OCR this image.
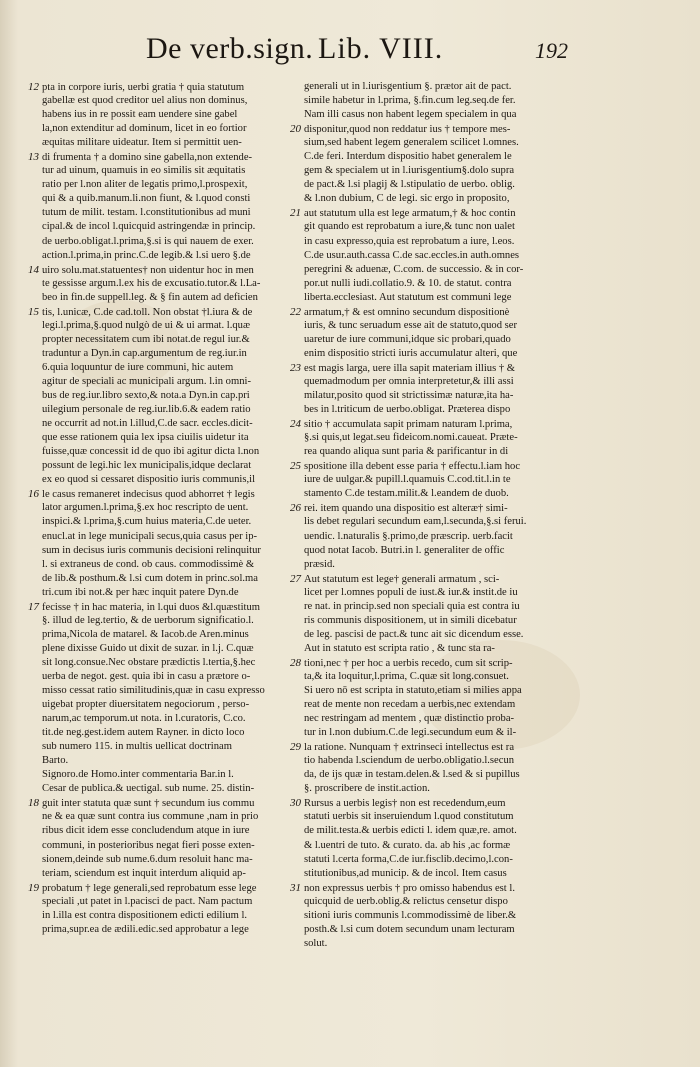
De verb.sign. Lib. VIII.	192
12 pta in corpore iuris, uerbi gratia † quia statutum
gabellæ est quod creditor uel alius non dominus,
habens ius in re possit eam uendere sine gabel
la,non extenditur ad dominum, licet in eo fortior
æquitas militare uideatur. Item si permittit uen-
13 di frumenta † a domino sine gabella,non extende-
tur ad uinum, quamuis in eo similis sit æquitatis
ratio per l.non aliter de legatis primo,l.prospexit,
qui & a quib.manum.li.non fiunt, & l.quod consti
tutum de milit. testam. l.constitutionibus ad muni
cipal.& de incol l.quicquid astringendæ in princip.
de uerbo.obligat.l.prima,§.si is qui nauem de exer.
action.l.prima,in princ.C.de legib.& l.si uero §.de
14 uiro solu.mat.statuentes† non uidentur hoc in men
te gessisse argum.l.ex his de excusatio.tutor.& l.La-
beo in fin.de suppell.leg. & § fin autem ad deficien
15 tis, l.unicæ, C.de cad.toll. Non obstat †l.iura & de
legi.l.prima,§.quod nulgò de ui & ui armat. l.quæ
propter necessitatem cum ibi notat.de regul iur.&
traduntur a Dyn.in cap.argumentum de reg.iur.in
6.quia loquuntur de iure communi, hic autem
agitur de speciali ac municipali argum. l.in omni-
bus de reg.iur.libro sexto,& nota.a Dyn.in cap.pri
uilegium personale de reg.iur.lib.6.& eadem ratio
ne occurrit ad not.in l.illud,C.de sacr. eccles.dicit-
que esse rationem quia lex ipsa ciuilis uidetur ita
fuisse,quæ concessit id de quo ibi agitur dicta l.non
possunt de legi.hic lex municipalis,idque declarat
ex eo quod si cessaret dispositio iuris communis,il
16 le casus remaneret indecisus quod abhorret † legis
lator argumen.l.prima,§.ex hoc rescripto de uent.
inspici.& l.prima,§.cum huius materia,C.de ueter.
enucl.at in lege municipali secus,quia casus per ip-
sum in decisus iuris communis decisioni relinquitur
l. si extraneus de cond. ob caus. commodissimè &
de lib.& posthum.& l.si cum dotem in princ.sol.ma
tri.cum ibi not.& per hæc inquit patere Dyn.de
17 fecisse † in hac materia, in l.qui duos &l.quæstitum
§. illud de leg.tertio, & de uerborum significatio.l.
prima,Nicola de matarel. & Iacob.de Aren.minus
plene dixisse Guido ut dixit de suzar. in l.j. C.quæ
sit long.consue.Nec obstare prædictis l.tertia,§.hec
uerba de negot. gest. quia ibi in casu a prætore o-
misso cessat ratio similitudinis,quæ in casu expresso
uigebat propter diuersitatem negociorum , perso-
narum,ac temporum.ut nota. in l.curatoris, C.co.
tit.de neg.gest.idem autem Rayner. in dicto loco
sub numero 115. in multis uellicat doctrinam
Barto.
Signoro.de Homo.inter commentaria Bar.in l.
Cesar de publica.& uectigal. sub nume. 25. distin-
18 guit inter statuta quæ sunt † secundum ius commu
ne & ea quæ sunt contra ius commune ,nam in prio
ribus dicit idem esse concludendum atque in iure
communi, in posterioribus negat fieri posse exten-
sionem,deinde sub nume.6.dum resoluit hanc ma-
teriam, sciendum est inquit interdum aliquid ap-
19 probatum † lege generali,sed reprobatum esse lege
speciali ,ut patet in l.pacisci de pact. Nam pactum
in l.illa est contra dispositionem edicti edilium l.
prima,supr.ea de ædili.edic.sed approbatur a lege
generali ut in l.iurisgentium §. prætor ait de pact.
simile habetur in l.prima, §.fin.cum leg.seq.de fer.
Nam illi casus non habent legem specialem in qua
20 disponitur,quod non reddatur ius † tempore mes-
sium,sed habent legem generalem scilicet l.omnes.
C.de feri. Interdum dispositio habet generalem le
gem & specialem ut in l.iurisgentium§.dolo supra
de pact.& l.si plagij & l.stipulatio de uerbo. oblig.
& l.non dubium, C de legi. sic ergo in proposito,
21 aut statutum ulla est lege armatum,† & hoc contin
git quando est reprobatum a iure,& tunc non ualet
in casu expresso,quia est reprobatum a iure, l.eos.
C.de usur.auth.cassa C.de sac.eccles.in auth.omnes
peregrini & aduenæ, C.com. de successio. & in cor-
por.ut nulli iudi.collatio.9. & 10. de statut. contra
liberta.ecclesiast. Aut statutum est communi lege
22 armatum,† & est omnino secundum dispositionè
iuris, & tunc seruadum esse ait de statuto,quod ser
uaretur de iure communi,idque sic probari,quado
enim dispositio stricti iuris accumulatur alteri, que
23 est magis larga, uere illa sapit materiam illius † &
quemadmodum per omnia interpretetur,& illi assi
milatur,posito quod sit strictissimæ naturæ,ita ha-
bes in l.triticum de uerbo.obligat. Præterea dispo
24 sitio † accumulata sapit primam naturam l.prima,
§.si quis,ut legat.seu fideicom.nomi.caueat. Præte-
rea quando aliqua sunt paria & parificantur in di
25 spositione illa debent esse paria † effectu.l.iam hoc
iure de uulgar.& pupill.l.quamuis C.cod.tit.l.in te
stamento C.de testam.milit.& l.eandem de duob.
26 rei. item quando una dispositio est alteræ† simi-
lis debet regulari secundum eam,l.secunda,§.si ferui.
uendic. l.naturalis §.primo,de præscrip. uerb.facit
quod notat Iacob. Butri.in l. generaliter de offic
præsid.
27 Aut statutum est lege† generali armatum , sci-
licet per l.omnes populi de iust.& iur.& instit.de iu
re nat. in princip.sed non speciali quia est contra iu
ris communis dispositionem, ut in simili dicebatur
de leg. pascisi de pact.& tunc ait sic dicendum esse.
Aut in statuto est scripta ratio , & tunc sta ra-
28 tioni,nec † per hoc a uerbis recedo, cum sit scrip-
ta,& ita loquitur,l.prima, C.quæ sit long.consuet.
Si uero nō est scripta in statuto,etiam si milies appa
reat de mente non recedam a uerbis,nec extendam
nec restringam ad mentem , quæ distinctio proba-
tur in l.non dubium.C.de legi.secundum eum & il-
29 la ratione. Nunquam † extrinseci intellectus est ra
tio habenda l.sciendum de uerbo.obligatio.l.secun
da, de ijs quæ in testam.delen.& l.sed & si pupillus
§. proscribere de instit.action.
30 Rursus a uerbis legis† non est recedendum,eum
statuti uerbis sit inseruiendum l.quod constitutum
de milit.testa.& uerbis edicti l. idem quæ,re. amot.
& l.uentri de tuto. & curato. da. ab his ,ac formæ
statuti l.certa forma,C.de iur.fisclib.decimo,l.con-
stitutionibus,ad municip. & de incol. Item casus
31 non expressus uerbis † pro omisso habendus est l.
quicquid de uerb.oblig.& relictus censetur dispo
sitioni iuris communis l.commodissimè de liber.&
posth.& l.si cum dotem secundum unam lecturam
solut.
